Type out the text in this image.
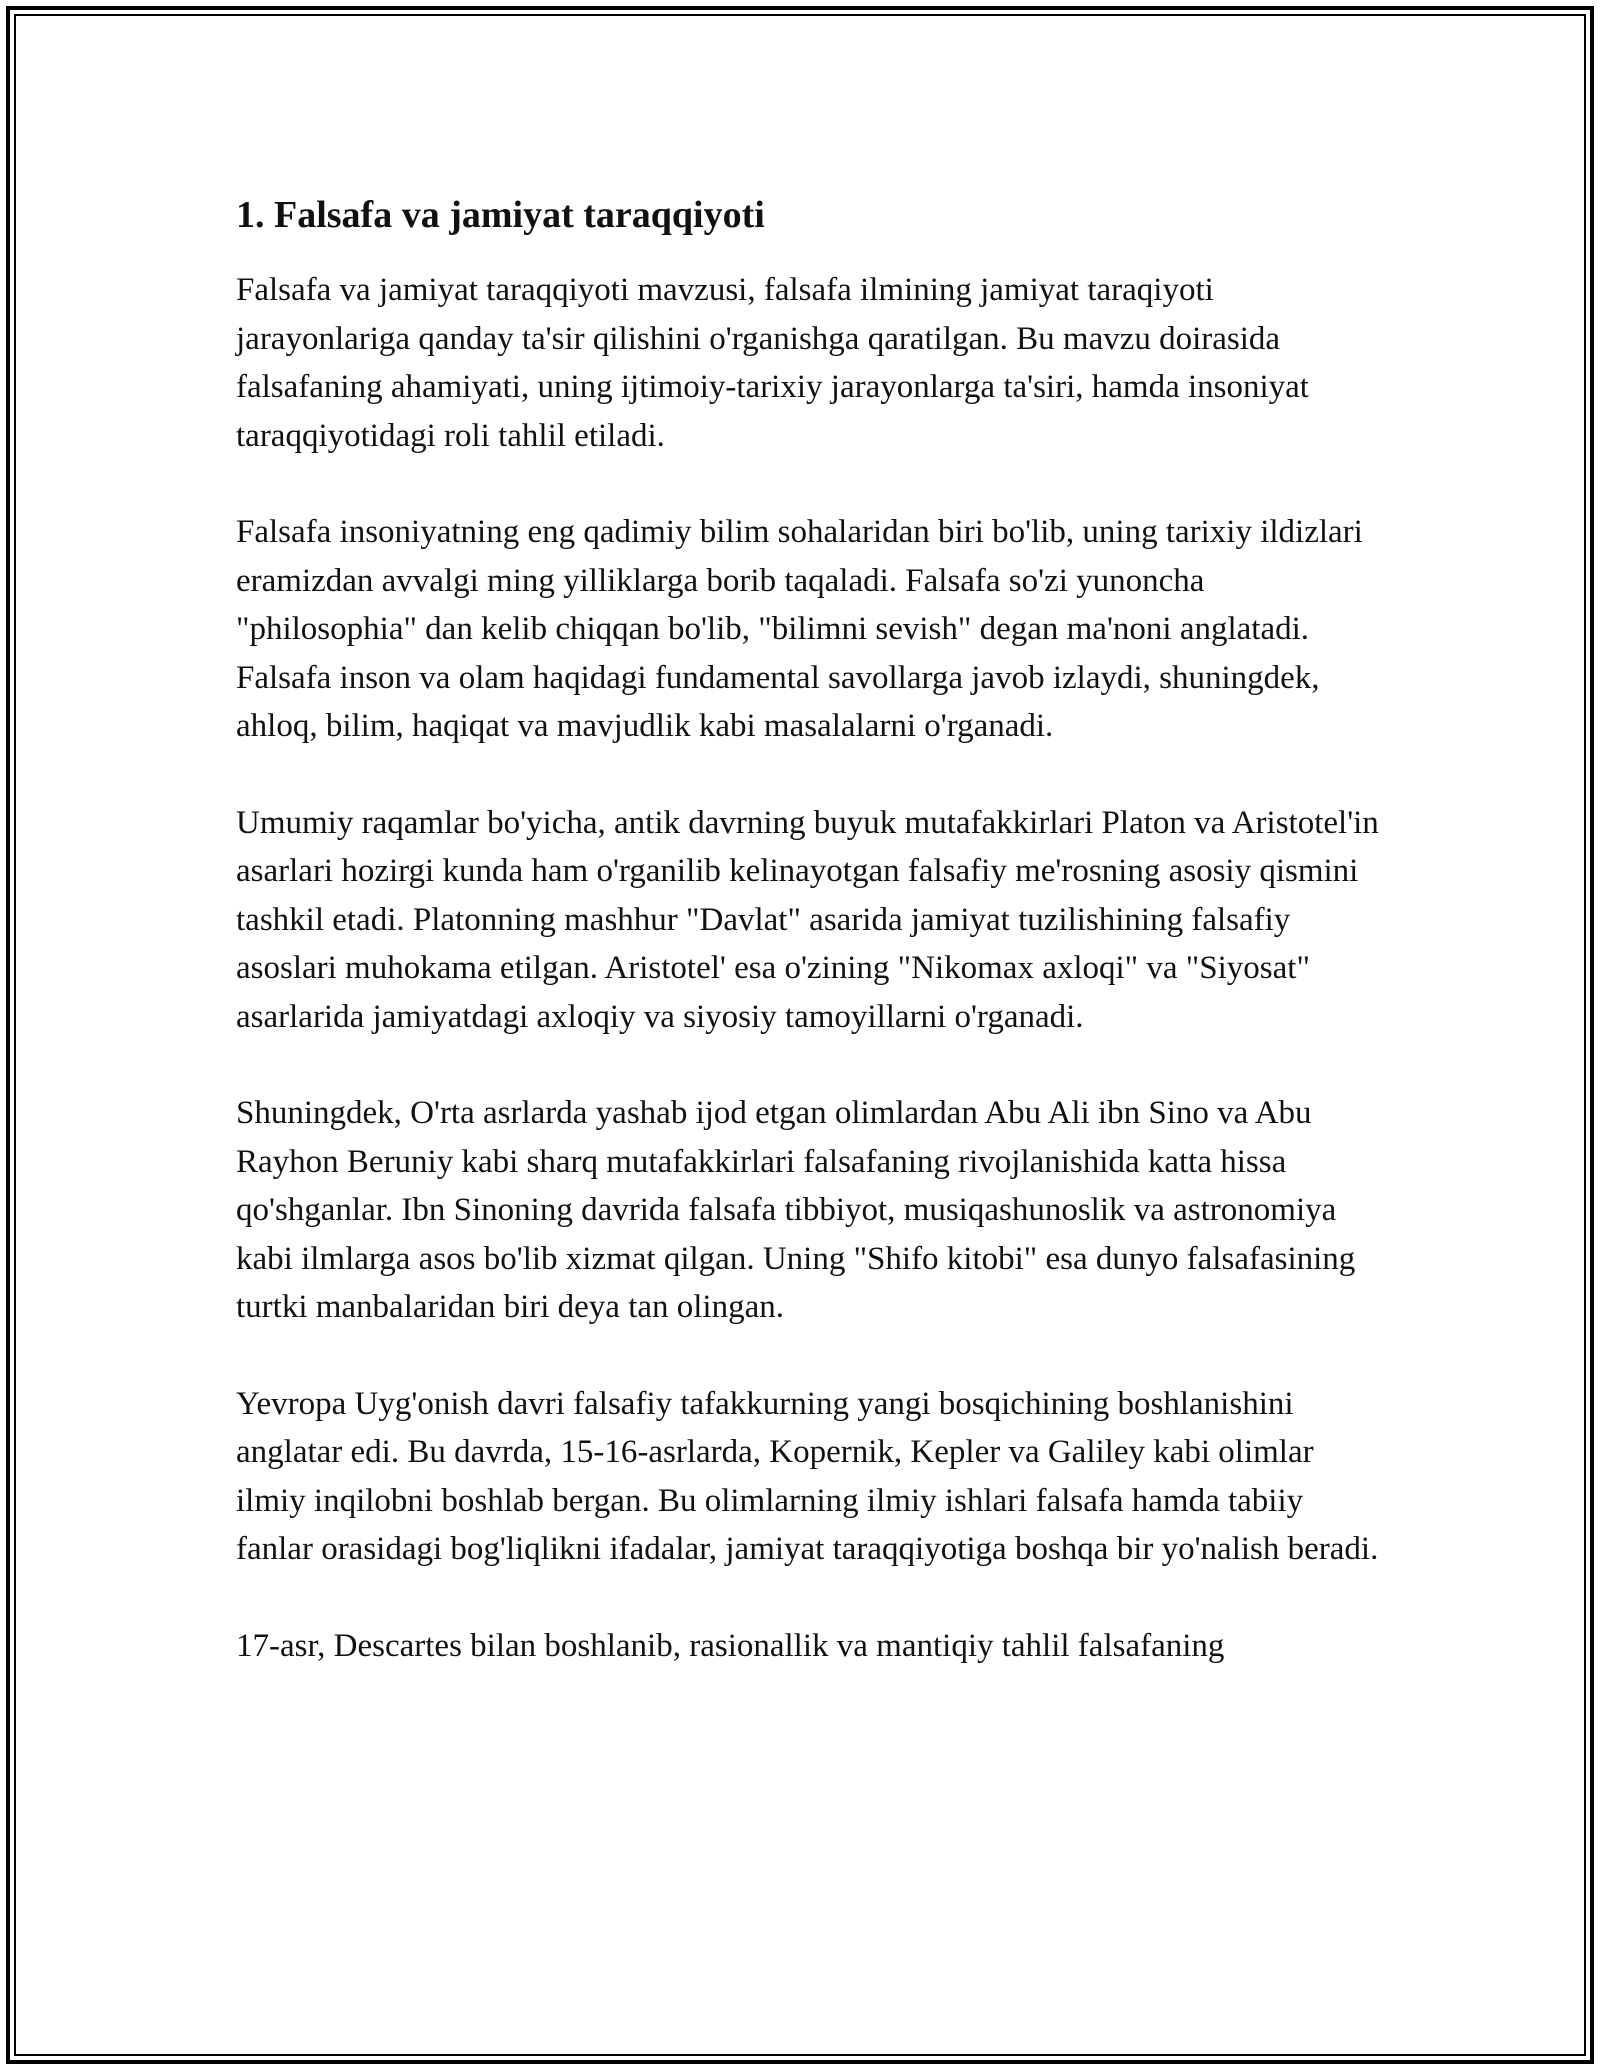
1. Falsafa va jamiyat taraqqiyoti

Falsafa va jamiyat taraqqiyoti mavzusi, falsafa ilmining jamiyat taraqiyoti jarayonlariga qanday ta'sir qilishini o'rganishga qaratilgan. Bu mavzu doirasida falsafaning ahamiyati, uning ijtimoiy-tarixiy jarayonlarga ta'siri, hamda insoniyat taraqqiyotidagi roli tahlil etiladi.

Falsafa insoniyatning eng qadimiy bilim sohalaridan biri bo'lib, uning tarixiy ildizlari eramizdan avvalgi ming yilliklarga borib taqaladi. Falsafa so'zi yunoncha "philosophia" dan kelib chiqqan bo'lib, "bilimni sevish" degan ma'noni anglatadi. Falsafa inson va olam haqidagi fundamental savollarga javob izlaydi, shuningdek, ahloq, bilim, haqiqat va mavjudlik kabi masalalarni o'rganadi.

Umumiy raqamlar bo'yicha, antik davrning buyuk mutafakkirlari Platon va Aristotel'in asarlari hozirgi kunda ham o'rganilib kelinayotgan falsafiy me'rosning asosiy qismini tashkil etadi. Platonning mashhur "Davlat" asarida jamiyat tuzilishining falsafiy asoslari muhokama etilgan. Aristotel' esa o'zining "Nikomax axloqi" va "Siyosat" asarlarida jamiyatdagi axloqiy va siyosiy tamoyillarni o'rganadi.

Shuningdek, O'rta asrlarda yashab ijod etgan olimlardan Abu Ali ibn Sino va Abu Rayhon Beruniy kabi sharq mutafakkirlari falsafaning rivojlanishida katta hissa qo'shganlar. Ibn Sinoning davrida falsafa tibbiyot, musiqashunoslik va astronomiya kabi ilmlarga asos bo'lib xizmat qilgan. Uning "Shifo kitobi" esa dunyo falsafasining turtki manbalaridan biri deya tan olingan.

Yevropa Uyg'onish davri falsafiy tafakkurning yangi bosqichining boshlanishini anglatar edi. Bu davrda, 15-16-asrlarda, Kopernik, Kepler va Galiley kabi olimlar ilmiy inqilobni boshlab bergan. Bu olimlarning ilmiy ishlari falsafa hamda tabiiy fanlar orasidagi bog'liqlikni ifadalar, jamiyat taraqqiyotiga boshqa bir yo'nalish beradi.

17-asr, Descartes bilan boshlanib, rasionallik va mantiqiy tahlil falsafaning
